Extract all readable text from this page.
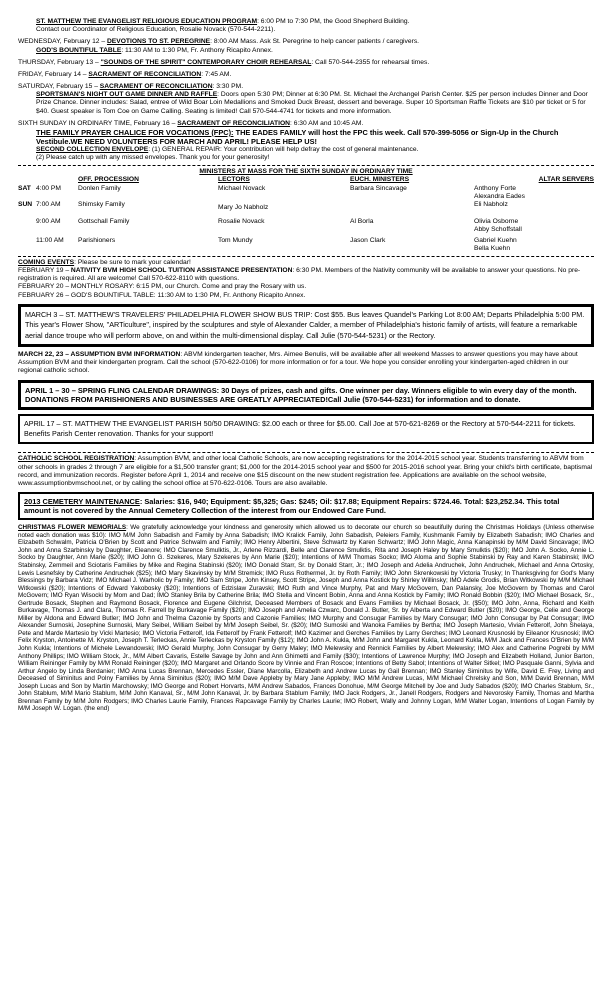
ST. MATTHEW THE EVANGELIST RELIGIOUS EDUCATION PROGRAM: 6:00 PM to 7:30 PM, the Good Shepherd Building.
Contact our Coordinator of Religious Education, Rosalie Novack (570-544-2211).

WEDNESDAY, February 12 – DEVOTIONS TO ST. PEREGRINE: 8:00 AM Mass. Ask St. Peregrine to help cancer patients / caregivers.

GOD'S BOUNTIFUL TABLE: 11:30 AM to 1:30 PM, Fr. Anthony Ricapito Annex.

THURSDAY, February 13 – "SOUNDS OF THE SPIRIT" CONTEMPORARY CHOIR REHEARSAL: Call 570-544-2355 for rehearsal times.

FRIDAY, February 14 – SACRAMENT OF RECONCILIATION: 7:45 AM.

SATURDAY, February 15 – SACRAMENT OF RECONCILIATION: 3:30 PM.

SPORTSMAN'S NIGHT OUT GAME DINNER AND RAFFLE: Doors open 5:30 PM; Dinner at 6:30 PM. St. Michael the Archangel Parish Center. $25 per person includes Dinner and Door Prize Chance. Dinner includes: Salad, entree of Wild Boar Loin Medallions and Smoked Duck Breast, dessert and beverage. Super 10 Sportsman Raffle Tickets are $10 per ticket or 5 for $40. Guest speaker is Tom Coe on Game Calling. Seating is limited! Call 570-544-4741 for tickets and more information.

SIXTH SUNDAY IN ORDINARY TIME, February 16 – SACRAMENT OF RECONCILIATION: 6:30 AM and 10:45 AM.

THE FAMILY PRAYER CHALICE FOR VOCATIONS (FPC): THE EADES FAMILY will host the FPC this week. Call 570-399-5056 or Sign-Up in the Church Vestibule.WE NEED VOLUNTEERS FOR MARCH AND APRIL! PLEASE HELP US!

SECOND COLLECTION ENVELOPE: (1) GENERAL REPAIR: Your contribution will help defray the cost of general maintenance.
(2) Please catch up with any missed envelopes. Thank you for your generosity!

MINISTERS AT MASS FOR THE SIXTH SUNDAY IN ORDINARY TIME

		OFF. PROCESSION	LECTORS	EUCH. MINISTERS	ALTAR SERVERS
SAT	4:00 PM	Donlen Family	Michael Novack	Barbara Sincavage	Anthony Forte
					Alexandra Eades
SUN	7:00 AM	Shimsky Family	Mary Jo Nabholz		Eli Nabholz
	9:00 AM	Gottschall Family	Rosalie Novack	Al Borla	Olivia Osborne
					Abby Schoffstall
	11:00 AM	Parishioners	Tom Mundy	Jason Clark	Gabriel Kuehn
					Bella Kuehn

COMING EVENTS: Please be sure to mark your calendar!

FEBRUARY 19 – NATIVITY BVM HIGH SCHOOL TUITION ASSISTANCE PRESENTATION: 6:30 PM. Members of the Nativity community will be available to answer your questions. No pre-registration is required. All are welcome! Call 570-622-8110 with questions.

FEBRUARY 20 – MONTHLY ROSARY: 6:15 PM, our Church. Come and pray the Rosary with us.

FEBRUARY 26 – GOD'S BOUNTIFUL TABLE: 11:30 AM to 1:30 PM, Fr. Anthony Ricapito Annex.

MARCH 3 – ST. MATTHEW'S TRAVELERS' PHILADELPHIA FLOWER SHOW BUS TRIP: Cost $55. Bus leaves Quandel's Parking Lot 8:00 AM; Departs Philadelphia 5:00 PM. This year's Flower Show, "ARTiculture", inspired by the sculptures and style of Alexander Calder, a member of Philadelphia's historic family of artists, will feature a remarkable aerial dance troupe who will perform above, on and within the multi-dimensional display. Call Julie (570-544-5231) or the Rectory.

MARCH 22, 23 – ASSUMPTION BVM INFORMATION: ABVM kindergarten teacher, Mrs. Aimee Benulis, will be available after all weekend Masses to answer questions you may have about Assumption BVM and their kindergarten program. Call the school (570-622-0106) for more information or for a tour. We hope you consider enrolling your kindergarten-aged children in our regional catholic school.

APRIL 1 – 30 – SPRING FLING CALENDAR DRAWINGS: 30 Days of prizes, cash and gifts. One winner per day. Winners eligible to win every day of the month. DONATIONS FROM PARISHIONERS AND BUSINESSES ARE GREATLY APPRECIATED!Call Julie (570-544-5231) for information and to donate.

APRIL 17 – ST. MATTHEW THE EVANGELIST PARISH 50/50 DRAWING: $2.00 each or three for $5.00. Call Joe at 570-621-8269 or the Rectory at 570-544-2211 for tickets. Benefits Parish Center renovation. Thanks for your support!

CATHOLIC SCHOOL REGISTRATION: Assumption BVM, and other local Catholic Schools, are now accepting registrations for the 2014-2015 school year. Students transferring to ABVM from other schools in grades 2 through 7 are eligible for a $1,500 transfer grant; $1,000 for the 2014-2015 school year and $500 for 2015-2016 school year. Bring your child's birth certificate, baptismal record, and immunization records. Register before April 1, 2014 and receive one $15 discount on the new student registration fee. Applications are available on the school website, www.assumptionbvmschool.net, or by calling the school office at 570-622-0106. Tours are also available.

2013 CEMETERY MAINTENANCE: Salaries: $16, 940; Equipment: $5,325; Gas: $245; Oil: $17.88; Equipment Repairs: $724.46. Total: $23,252.34. This total amount is not covered by the Annual Cemetery Collection of the interest from our Endowed Care Fund.

CHRISTMAS FLOWER MEMORIALS: We gratefully acknowledge your kindness and generosity which allowed us to decorate our church so beautifully during the Christmas Holidays (Unless otherwise noted each donation was $10): IMO M/M John Sabadish and Family by Anna Sabadish; IMO Kralick Family, John Sabadish, Peleiers Family, Kushmanik Family by Elizabeth Sabadish; IMO Charles and Elizabeth Schwalm, Patricia O'Brien by Scott and Patrice Schwalm and Family; IMO Henry Albertini, Steve Schwartz by Karen Schwartz; IMO John Magic, Anna Kanapinski by M/M David Sincavage; IMO John and Anna Szarbinsky by Daughter, Eleanore; IMO Clarence Smulktis, Jr., Arlene Rizzardi, Belle and Clarence Smulktis, Rita and Joseph Haley by Mary Smulktis ($20); IMO John A. Socko, Annie L. Socko by Daughter, Ann Marie ($20); IMO John G. Szekeres, Mary Szekeres by Ann Marie ($20); Intentions of M/M Thomas Socko; IMO Aloma and Sophie Stabinski by Ray and Karen Stabinski; IMO Stabinsky, Zemmeil and Sciotaris Families by Mike and Regina Stabinski ($20); IMO Donald Starr, Sr. by Donald Starr, Jr.; IMO Joseph and Adelia Andruchek, John Andruchek, Michael and Anna Ortosky, Lewis Lesnefsky by Catherine Andruchek ($25); IMO Mary Skavinsky by M/M Stremick; IMO Russ Rothermel, Jr. by Roth Family; IMO John Skrenkowski by Victoria Trusky; In Thanksgiving for God's Many Blessings by Barbara Vidz; IMO Michael J. Warholic by Family; IMO Sam Stripe, John Kinsey, Scott Stripe, Joseph and Anna Kostick by Shirley Willinsky; IMO Adele Grodis, Brian Witkowski by M/M Michael Witkowski ($20); Intentions of Edward Yakobosky ($20); Intentions of Edzislaw Zuravski; IMO Ruth and Vince Murphy, Pat and Mary McGovern, Dan Palansky, Joe McGovern by Thomas and Carol McGovern; IMO Ryan Wisocki by Mom and Dad; IMO Stanley Brila by Catherine Brila; IMO Stella and Vincent Bobin, Anna and Anna Kostick by Family; IMO Ronald Bobbin ($20); IMO Michael Bosack, Sr., Gertrude Bosack, Stephen and Raymond Bosack, Florence and Eugene Gilchrist, Deceased Members of Bosack and Evans Families by Michael Bosack, Jr. ($50); IMO John, Anna, Richard and Keith Burkavage, Thomas J. and Clara, Thomas R. Farrell by Burkavage Family ($20); IMO Joseph and Amelia Czwarc, Donald J. Butler, Sr. by Alberta and Edward Butler ($20); IMO George, Celie and George Miller by Aldona and Edward Butler; IMO John and Thelma Cazonie by Sports and Cazonie Families; IMO Murphy and Consugar Families by Mary Consugar; IMO John Consugar by Pat Consugar; IMO Alexander Surnoski, Josephine Surnoski, Mary Seibel, William Seibel by M/M Joseph Seibel, Sr. ($20); IMO Sumoski and Wanoka Families by Bertha; IMO Joseph Martesio, Vivian Fetterolf, John Shelaya, Pete and Marde Martesio by Vicki Martesio; IMO Victoria Fetterolf, Ida Fetterolf by Frank Fetterolf; IMO Kazimer and Gerches Families by Larry Gerches; IMO Leonard Krusnoski by Eileanor Krusnoski; IMO Felix Kryston, Antoinette M. Kryston, Joseph T. Terleckas, Annie Terleckas by Kryston Family ($12); IMO John A. Kukla, M/M John and Margaret Kukla, Leonard Kukla, M/M Jack and Frances O'Brien by M/M John Kukla; Intentions of Michele Lewandowski; IMO Gerald Murphy, John Consugar by Gerry Maley; IMO Melewsky and Rennick Families by Albert Melewsky; IMO Alex and Catherine Pogrebi by M/M Anthony Phillips; IMO William Stock, Jr., M/M Albert Cavaris, Estelle Savage by John and Ann Ghimetti and Family ($30); Intentions of Lawrence Murphy; IMO Joseph and Elizabeth Holland, Junior Barton, William Reininger Family by M/M Ronald Reininger ($20); IMO Margaret and Orlando Score by Vinnie and Fran Roscoe; Intentions of Betty Sabol; Intentions of Walter Sitkel; IMO Pasquale Ganni, Sylvia and Arthur Angelo by Linda Berdanier; IMO Anna Lucas Brennan, Mercedes Essler, Diane Marcolla, Elizabeth and Andrew Lucas by Gail Brennan; IMO Stanley Siminitus by Wife, David E. Frey, Living and Deceased of Siminitus and Polny Families by Anna Siminitus ($20); IMO M/M Dave Appleby by Mary Jane Appleby; IMO M/M Andrew Lucas, M/M Michael Chrelsky and Son, M/M David Brennan, M/M Joseph Lucas and Son by Martin Marchowsky; IMO George and Robert Horvarts, M/M Andrew Sabados, Frances Donohue, M/M George Mitchell by Joe and Judy Sabados ($20); IMO Charles Stablum, Sr., John Stablum, M/M Mario Stablum, M/M John Kanaval, Sr., M/M John Kanaval, Jr. by Barbara Stablum Family; IMO Jack Rodgers, Jr., Janell Rodgers, Rodgers and Nevorosky Family, Thomas and Martha Brennan Family by M/M John Rodgers; IMO Charles Laurie Family, Frances Rapcavage Family by Charles Laurie; IMO Robert, Wally and Johnny Logan, M/M Walter Logan, Intentions of Logan Family by M/M Joseph W. Logan. (the end)
